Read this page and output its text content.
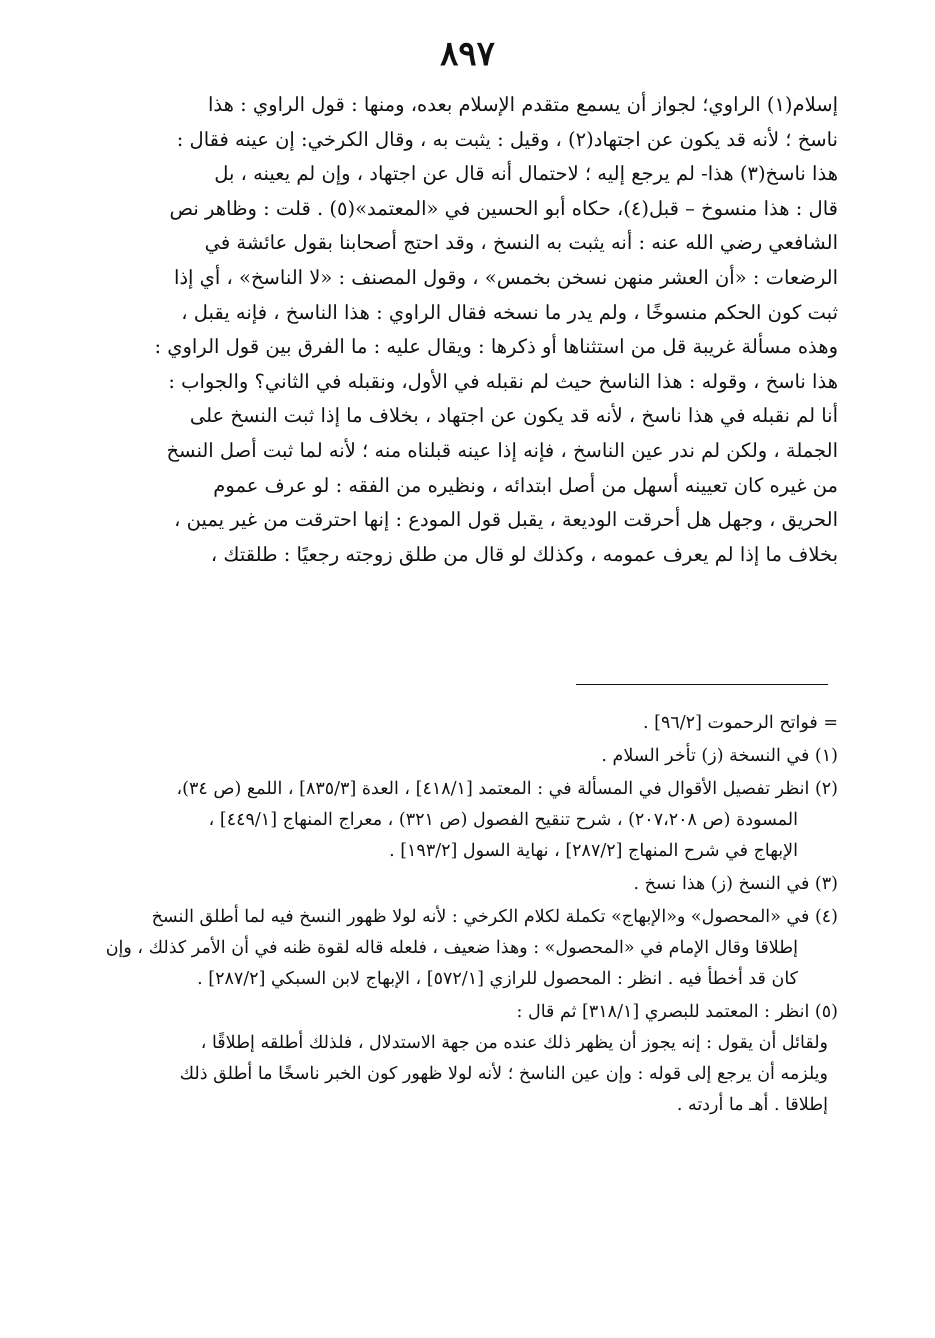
٨٩٧
إسلام(١) الراوي؛ لجواز أن يسمع متقدم الإسلام بعده، ومنها : قول الراوي : هذا
ناسخ ؛ لأنه قد يكون عن اجتهاد(٢) ، وقيل : يثبت به ، وقال الكرخي: إن عينه فقال :
هذا ناسخ(٣) هذا- لم يرجع إليه ؛ لاحتمال أنه قال عن اجتهاد ، وإن لم يعينه ، بل
قال : هذا منسوخ – قبل(٤)، حكاه أبو الحسين في «المعتمد»(٥) . قلت : وظاهر نص
الشافعي رضي الله عنه : أنه يثبت به النسخ ، وقد احتج أصحابنا بقول عائشة في
الرضعات : «أن العشر منهن نسخن بخمس» ، وقول المصنف : «لا الناسخ» ، أي إذا
ثبت كون الحكم منسوخًا ، ولم يدر ما نسخه فقال الراوي : هذا الناسخ ، فإنه يقبل ،
وهذه مسألة غريبة قل من استثناها أو ذكرها : ويقال عليه : ما الفرق بين قول الراوي :
هذا ناسخ ، وقوله : هذا الناسخ حيث لم نقبله في الأول، ونقبله في الثاني؟ والجواب :
أنا لم نقبله في هذا ناسخ ، لأنه قد يكون عن اجتهاد ، بخلاف ما إذا ثبت النسخ على
الجملة ، ولكن لم ندر عين الناسخ ، فإنه إذا عينه قبلناه منه ؛ لأنه لما ثبت أصل النسخ
من غيره كان تعيينه أسهل من أصل ابتدائه ، ونظيره من الفقه : لو عرف عموم
الحريق ، وجهل هل أحرقت الوديعة ، يقبل قول المودع : إنها احترقت من غير يمين ،
بخلاف ما إذا لم يعرف عمومه ، وكذلك لو قال من طلق زوجته رجعيًا : طلقتك ،
= فواتح الرحموت [٩٦/٢] .
(١) في النسخة (ز) تأخر السلام .
(٢) انظر تفصيل الأقوال في المسألة في : المعتمد [٤١٨/١] ، العدة [٨٣٥/٣] ، اللمع (ص ٣٤)،
المسودة (ص ٢٠٧،٢٠٨) ، شرح تنقيح الفصول (ص ٣٢١) ، معراج المنهاج [٤٤٩/١] ،
الإبهاج في شرح المنهاج [٢٨٧/٢] ، نهاية السول [١٩٣/٢] .
(٣) في النسخ (ز) هذا نسخ .
(٤) في «المحصول» و«الإبهاج» تكملة لكلام الكرخي : لأنه لولا ظهور النسخ فيه لما أطلق النسخ
إطلاقا وقال الإمام في «المحصول» : وهذا ضعيف ، فلعله قاله لقوة ظنه في أن الأمر كذلك ، وإن
كان قد أخطأ فيه . انظر : المحصول للرازي [٥٧٢/١] ، الإبهاج لابن السبكي [٢٨٧/٢] .
(٥) انظر : المعتمد للبصري [٣١٨/١] ثم قال :
ولقائل أن يقول : إنه يجوز أن يظهر ذلك عنده من جهة الاستدلال ، فلذلك أطلقه إطلاقًا ،
ويلزمه أن يرجع إلى قوله : وإن عين الناسخ ؛ لأنه لولا ظهور كون الخبر ناسخًا ما أطلق ذلك
إطلاقا . أهـ ما أردته .
